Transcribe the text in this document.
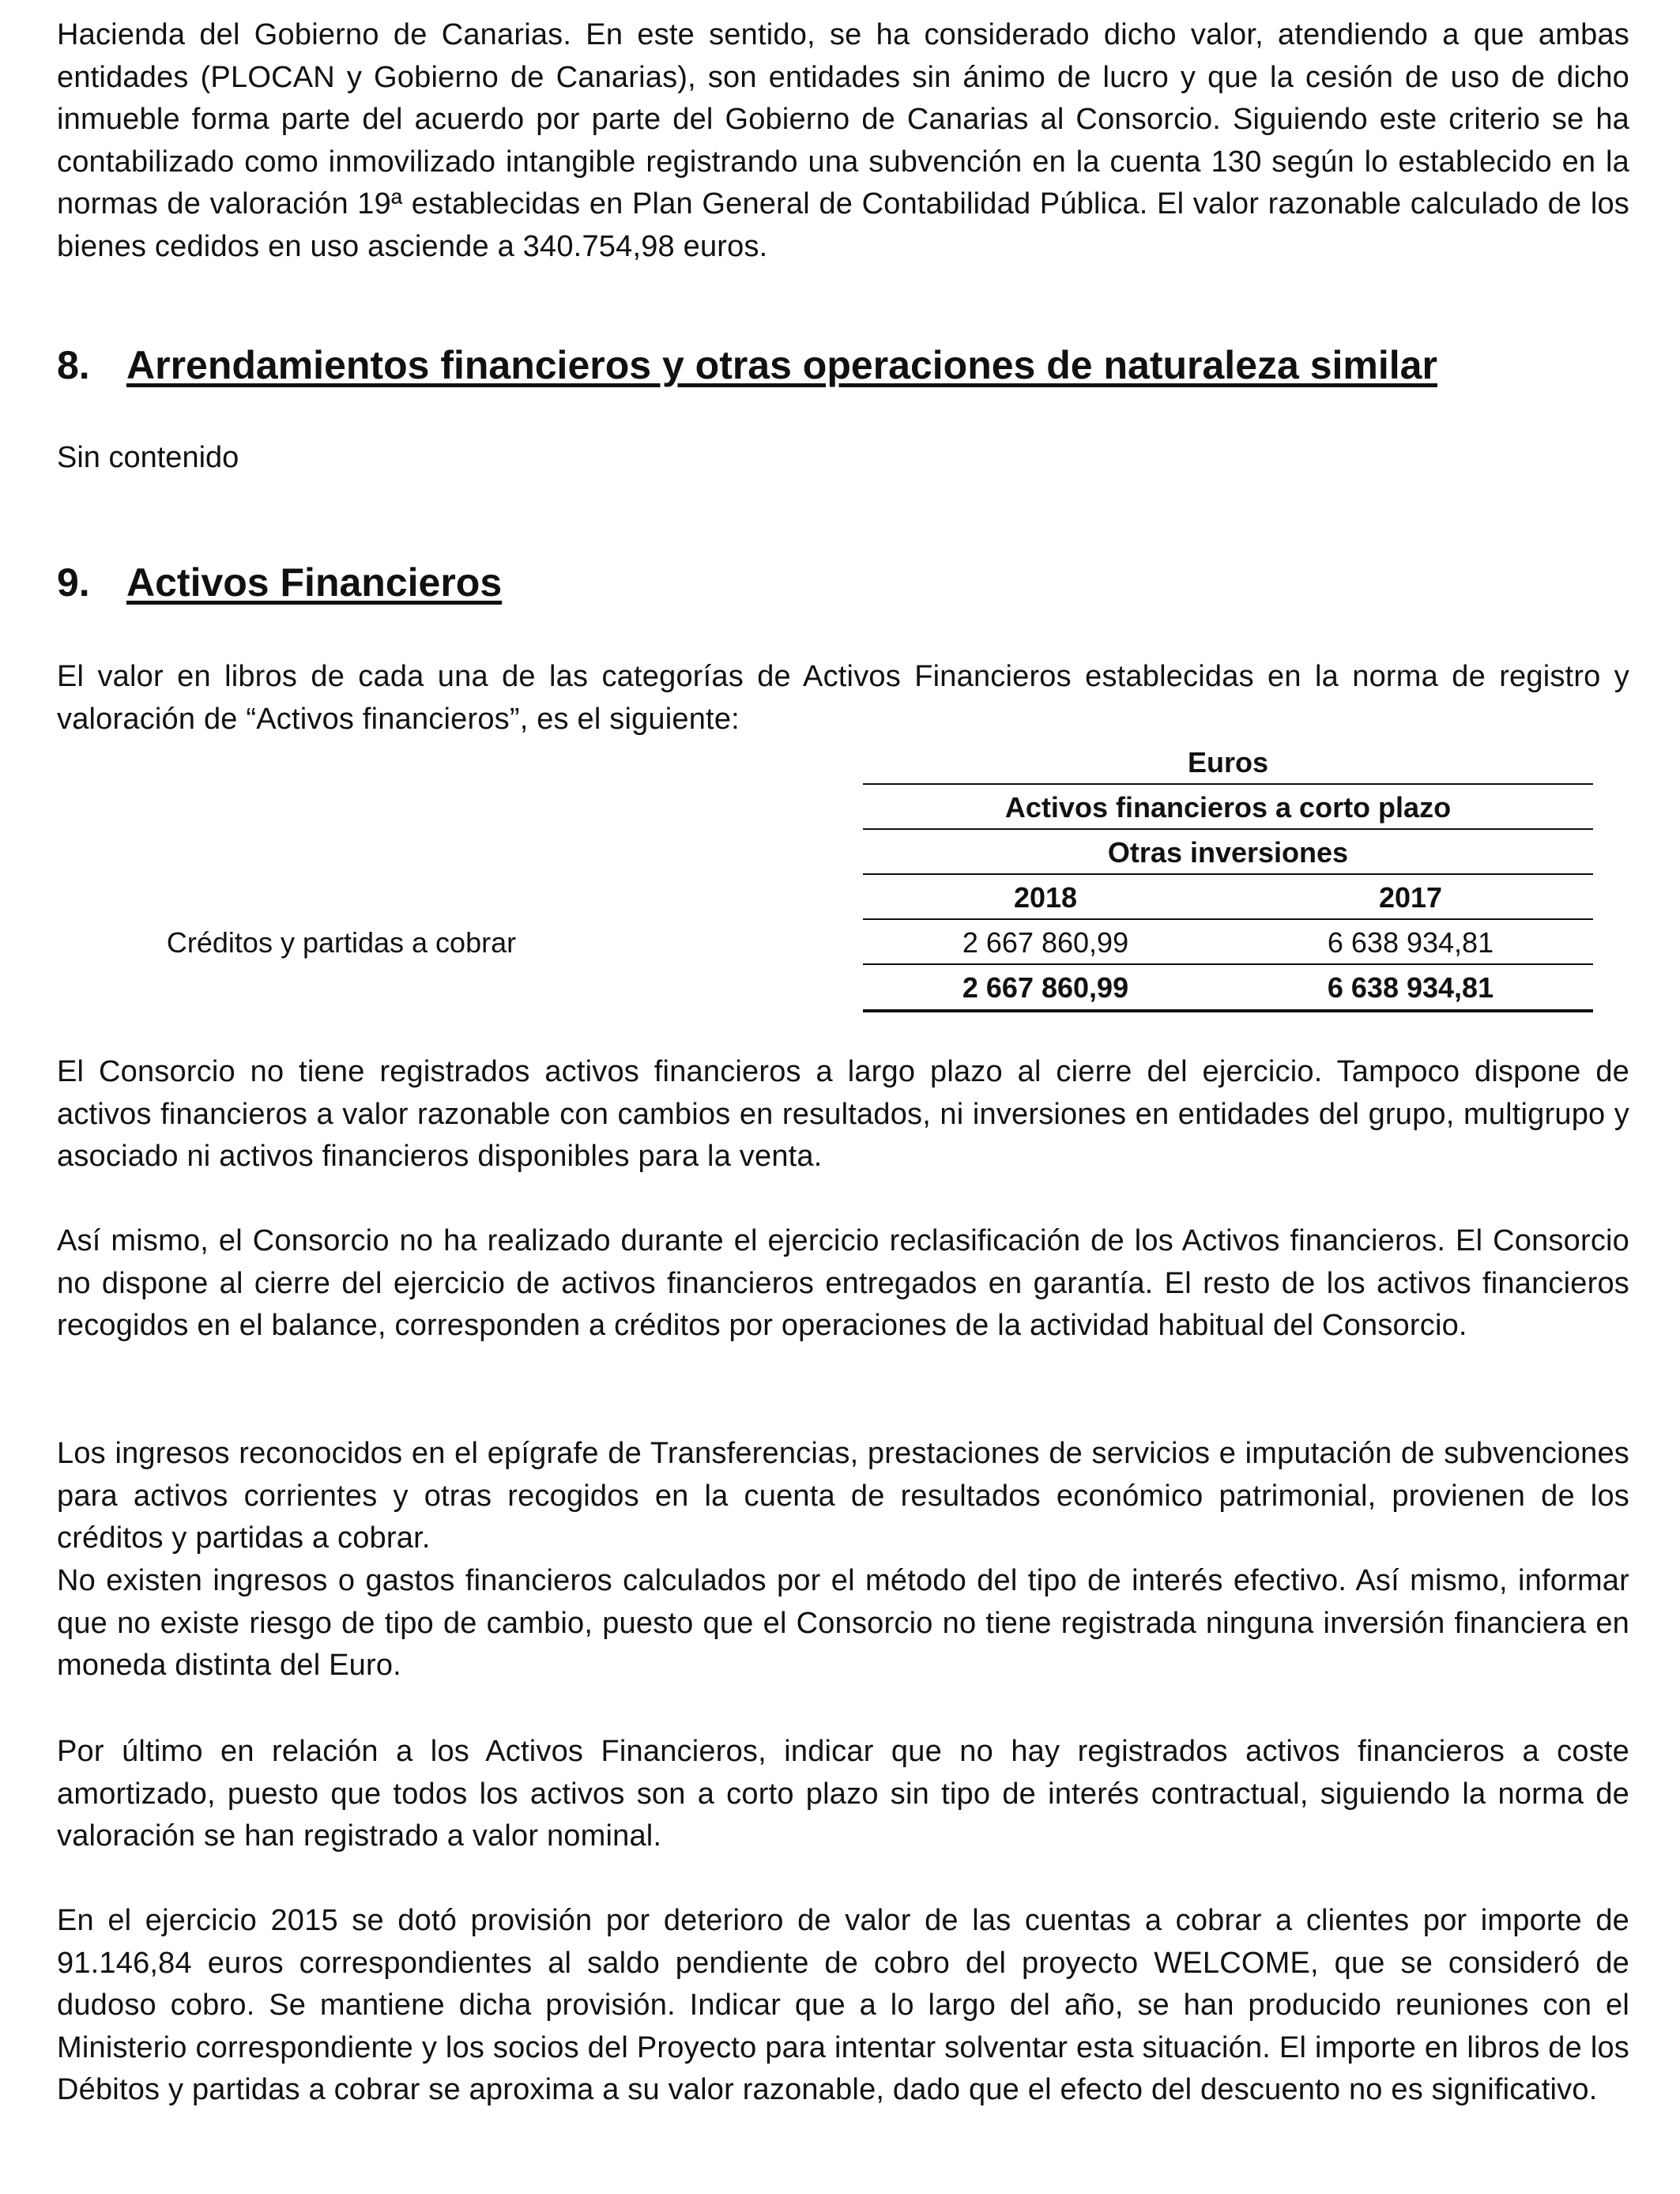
Hacienda del Gobierno de Canarias. En este sentido, se ha considerado dicho valor, atendiendo a que ambas entidades (PLOCAN y Gobierno de Canarias), son entidades sin ánimo de lucro y que la cesión de uso de dicho inmueble forma parte del acuerdo por parte del Gobierno de Canarias al Consorcio. Siguiendo este criterio se ha contabilizado como inmovilizado intangible registrando una subvención en la cuenta 130 según lo establecido en la normas de valoración 19ª establecidas en Plan General de Contabilidad Pública. El valor razonable calculado de los bienes cedidos en uso asciende a 340.754,98 euros.

8. Arrendamientos financieros y otras operaciones de naturaleza similar

Sin contenido

9. Activos Financieros

El valor en libros de cada una de las categorías de Activos Financieros establecidas en la norma de registro y valoración de “Activos financieros”, es el siguiente:

Euros
Activos financieros a corto plazo
Otras inversiones
2018	2017
Créditos y partidas a cobrar	2 667 860,99	6 638 934,81
2 667 860,99	6 638 934,81

El Consorcio no tiene registrados activos financieros a largo plazo al cierre del ejercicio. Tampoco dispone de activos financieros a valor razonable con cambios en resultados, ni inversiones en entidades del grupo, multigrupo y asociado ni activos financieros disponibles para la venta.

Así mismo, el Consorcio no ha realizado durante el ejercicio reclasificación de los Activos financieros. El Consorcio no dispone al cierre del ejercicio de activos financieros entregados en garantía. El resto de los activos financieros recogidos en el balance, corresponden a créditos por operaciones de la actividad habitual del Consorcio.

Los ingresos reconocidos en el epígrafe de Transferencias, prestaciones de servicios e imputación de subvenciones para activos corrientes y otras recogidos en la cuenta de resultados económico patrimonial, provienen de los créditos y partidas a cobrar.

No existen ingresos o gastos financieros calculados por el método del tipo de interés efectivo. Así mismo, informar que no existe riesgo de tipo de cambio, puesto que el Consorcio no tiene registrada ninguna inversión financiera en moneda distinta del Euro.

Por último en relación a los Activos Financieros, indicar que no hay registrados activos financieros a coste amortizado, puesto que todos los activos son a corto plazo sin tipo de interés contractual, siguiendo la norma de valoración se han registrado a valor nominal.

En el ejercicio 2015 se dotó provisión por deterioro de valor de las cuentas a cobrar a clientes por importe de 91.146,84 euros correspondientes al saldo pendiente de cobro del proyecto WELCOME, que se consideró de dudoso cobro. Se mantiene dicha provisión. Indicar que a lo largo del año, se han producido reuniones con el Ministerio correspondiente y los socios del Proyecto para intentar solventar esta situación. El importe en libros de los Débitos y partidas a cobrar se aproxima a su valor razonable, dado que el efecto del descuento no es significativo.
